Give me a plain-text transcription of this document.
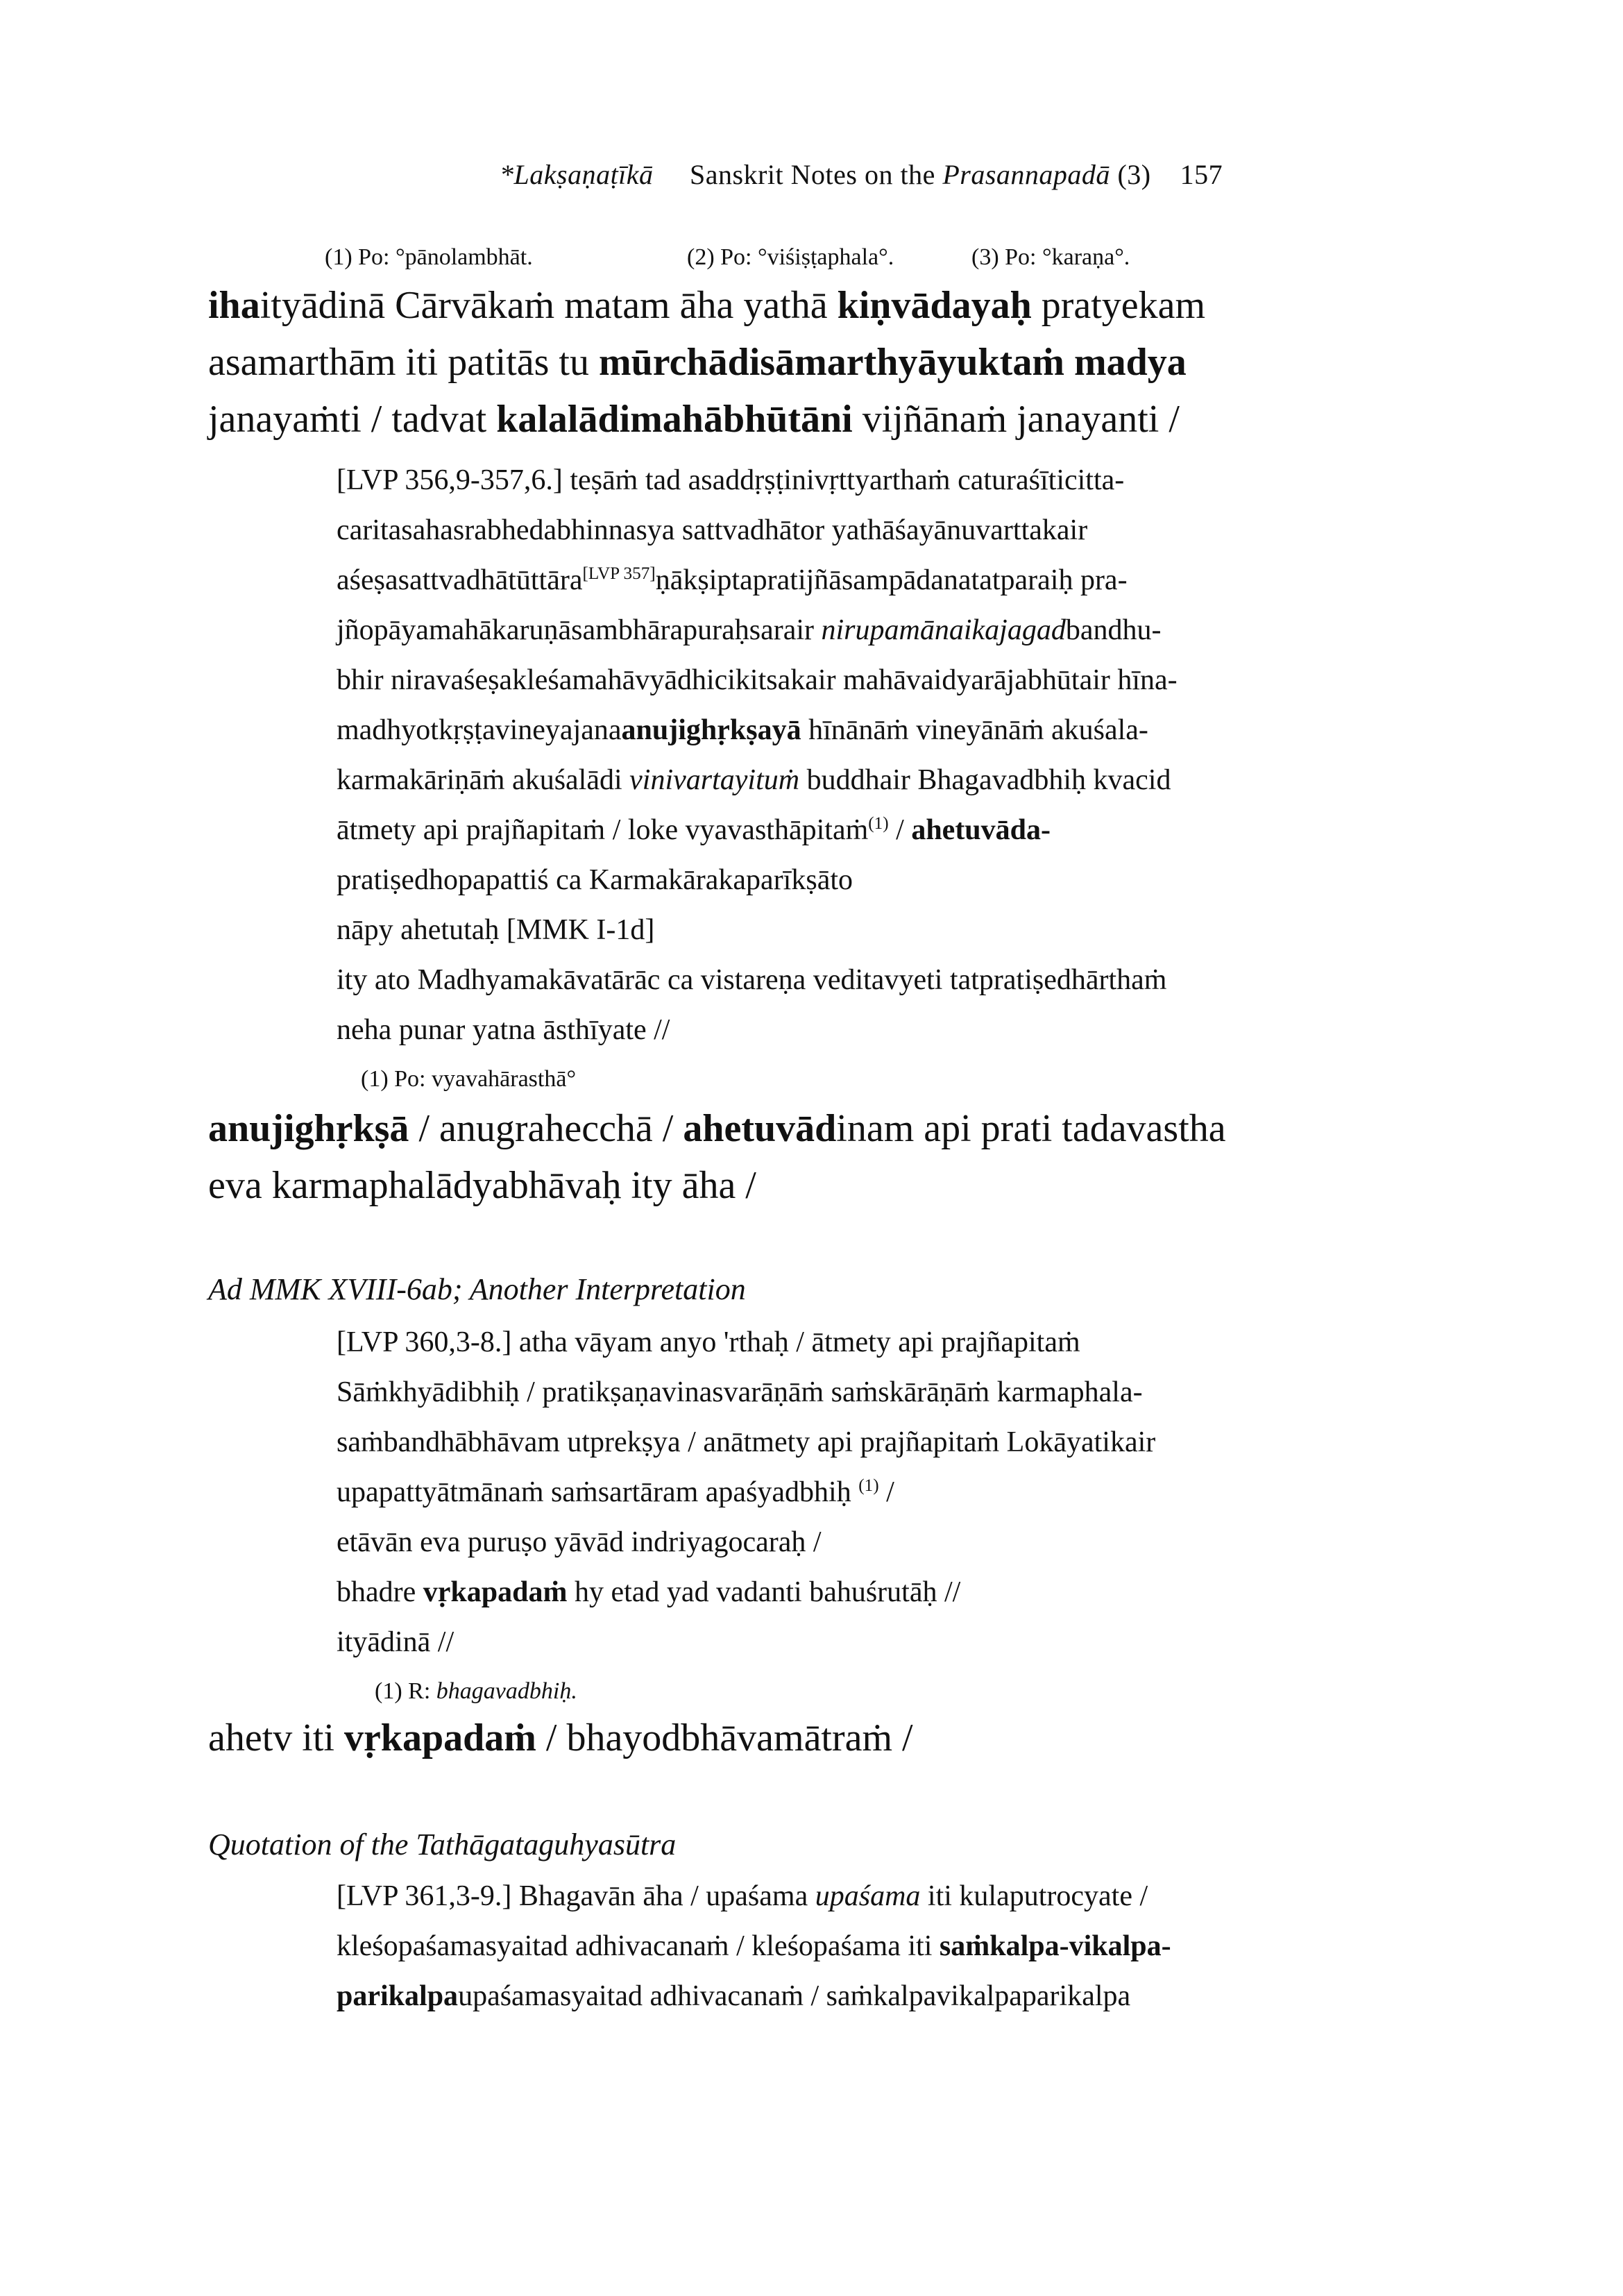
*Lakṣaṇaṭīkā Sanskrit Notes on the Prasannapadā (3) 157
(1) Po: °pānolambhāt.	(2) Po: °viśiṣṭaphala°.	(3) Po: °karaṇa°.
ihaityādinā Cārvākaṁ matam āha yathā kiṇvādayaḥ pratyekam
asamarthām iti patitās tu mūrchādisāmarthyāyuktaṁ madya
janayaṁti / tadvat kalalādimahābhūtāni vijñānaṁ janayanti /
[LVP 356,9-357,6.] teṣāṁ tad asaddṛṣṭinivṛttyarthaṁ caturaśīticitta-
caritasahasrabhedabhinnasya sattvadhātor yathāśayānuvarttakair
aśeṣasattvadhātūttāra[LVP 357]ṇākṣiptapratijñāsampādanatatparaiḥ pra-
jñopāyamahākaruṇāsambhārapuraḥsarair nirupamānaikajagadbandhu-
bhir niravaśeṣakleśamahāvyādhicikitsakair mahāvaidyarājabhūtair hīna-
madhyotkṛṣṭavineyajanaanujighṛkṣayā hīnānāṁ vineyānāṁ akuśala-
karmakāriṇāṁ akuśalādi vinivartayituṁ buddhair Bhagavadbhiḥ kvacid
ātmety api prajñapitaṁ / loke vyavasthāpitaṁ$^{(1)}$ / ahetuvāda-
pratiṣedhopapattiś ca Karmakārakaparīkṣāto
nāpy ahetutaḥ [MMK I-1d]
ity ato Madhyamakāvatārāc ca vistareṇa veditavyeti tatpratiṣedhārthaṁ
neha punar yatna āsthīyate //
(1) Po: vyavahārasthā°
anujighṛkṣā / anugrahecchā / ahetuvādinam api prati tadavastha
eva karmaphalādyabhāvaḥ ity āha /
Ad MMK XVIII-6ab; Another Interpretation
[LVP 360,3-8.] atha vāyam anyo 'rthaḥ / ātmety api prajñapitaṁ
Sāṁkhyādibhiḥ / pratikṣaṇavinasvarāṇāṁ saṁskārāṇāṁ karmaphala-
saṁbandhābhāvam utprekṣya / anātmety api prajñapitaṁ Lokāyatikair
upapattyātmānaṁ saṁsartāram apaśyadbhiḥ $^{(1)}$ /
etāvān eva puruṣo yāvād indriyagocaraḥ /
bhadre vṛkapadaṁ hy etad yad vadanti bahuśrutāḥ //
ityādinā //
(1) R: bhagavadbhiḥ.
ahetv iti vṛkapadaṁ / bhayodbhāvamātraṁ /
Quotation of the Tathāgataguhyasūtra
[LVP 361,3-9.] Bhagavān āha / upaśama upaśama iti kulaputrocyate /
kleśopaśamasyaitad adhivacanaṁ / kleśopaśama iti saṁkalpa-vikalpa-
parikalpaupaśamasyaitad adhivacanaṁ / saṁkalpavikalpaparikalpa
